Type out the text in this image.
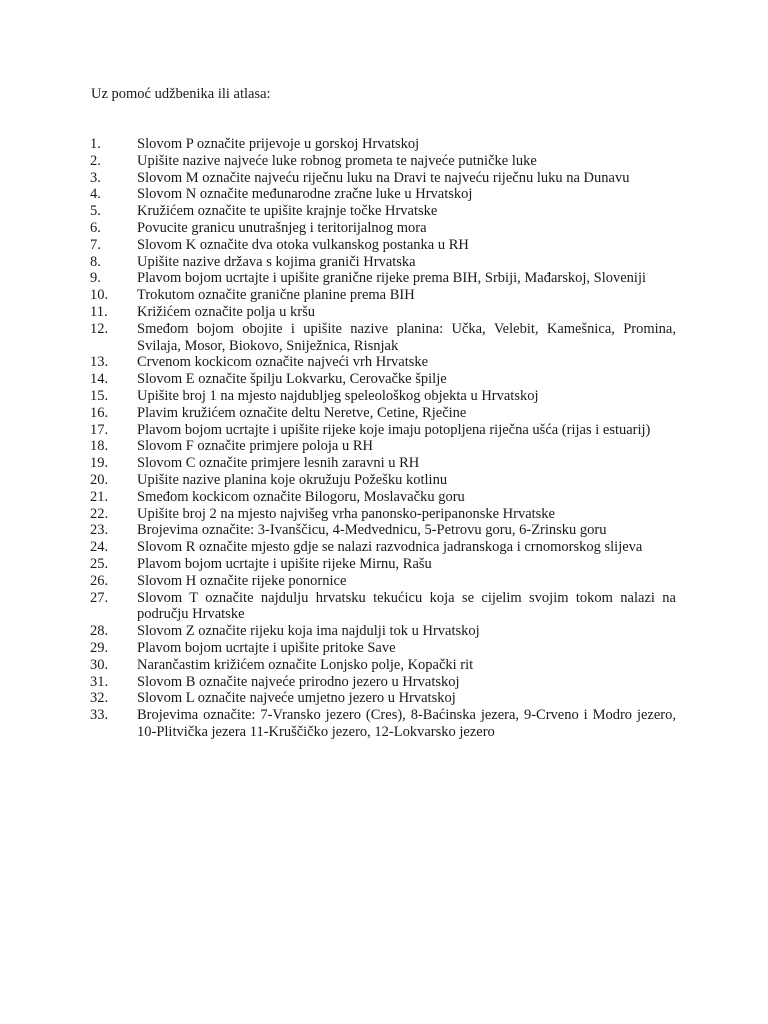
Uz pomoć udžbenika ili atlasa:
1.	Slovom P označite prijevoje u gorskoj Hrvatskoj
2.	Upišite nazive najveće luke robnog prometa te najveće putničke luke
3.	Slovom M označite najveću riječnu luku na Dravi te najveću riječnu luku na Dunavu
4.	Slovom N označite međunarodne zračne luke u Hrvatskoj
5.	Kružićem označite te upišite krajnje točke Hrvatske
6.	Povucite granicu unutrašnjeg i teritorijalnog mora
7.	Slovom K označite dva otoka vulkanskog postanka u RH
8.	Upišite nazive država s kojima graniči Hrvatska
9.	Plavom bojom ucrtajte i upišite granične rijeke prema BIH, Srbiji, Mađarskoj, Sloveniji
10.	Trokutom označite granične planine prema BIH
11.	Križićem označite polja u kršu
12.	Smeđom bojom obojite i upišite nazive planina: Učka, Velebit, Kamešnica, Promina, Svilaja, Mosor, Biokovo, Sniježnica, Risnjak
13.	Crvenom kockicom označite najveći vrh Hrvatske
14.	Slovom E označite špilju Lokvarku, Cerovačke špilje
15.	Upišite broj 1 na mjesto najdubljeg speleološkog objekta u Hrvatskoj
16.	Plavim kružićem označite deltu Neretve, Cetine, Rječine
17.	Plavom bojom ucrtajte i upišite rijeke koje imaju potopljena riječna ušća (rijas i estuarij)
18.	Slovom F označite primjere poloja u RH
19.	Slovom C označite primjere lesnih zaravni u RH
20.	Upišite nazive planina koje okružuju Požešku kotlinu
21.	Smeđom kockicom označite Bilogoru, Moslavačku goru
22.	Upišite broj 2 na mjesto najvišeg vrha panonsko-peripanonske Hrvatske
23.	Brojevima označite: 3-Ivanščicu, 4-Medvednicu, 5-Petrovu goru, 6-Zrinsku goru
24.	Slovom R označite mjesto gdje se nalazi razvodnica jadranskoga i crnomorskog slijeva
25.	Plavom bojom ucrtajte i upišite rijeke Mirnu, Rašu
26.	Slovom H označite rijeke ponornice
27.	Slovom T označite najdulju hrvatsku tekućicu koja se cijelim svojim tokom nalazi na području Hrvatske
28.	Slovom Z označite rijeku koja ima najdulji tok u Hrvatskoj
29.	Plavom bojom ucrtajte i upišite pritoke Save
30.	Narančastim križićem označite Lonjsko polje, Kopački rit
31.	Slovom B označite najveće prirodno jezero u Hrvatskoj
32.	Slovom L označite najveće umjetno jezero u Hrvatskoj
33.	Brojevima označite: 7-Vransko jezero (Cres), 8-Baćinska jezera, 9-Crveno i Modro jezero, 10-Plitvička jezera 11-Kruščičko jezero, 12-Lokvarsko jezero
